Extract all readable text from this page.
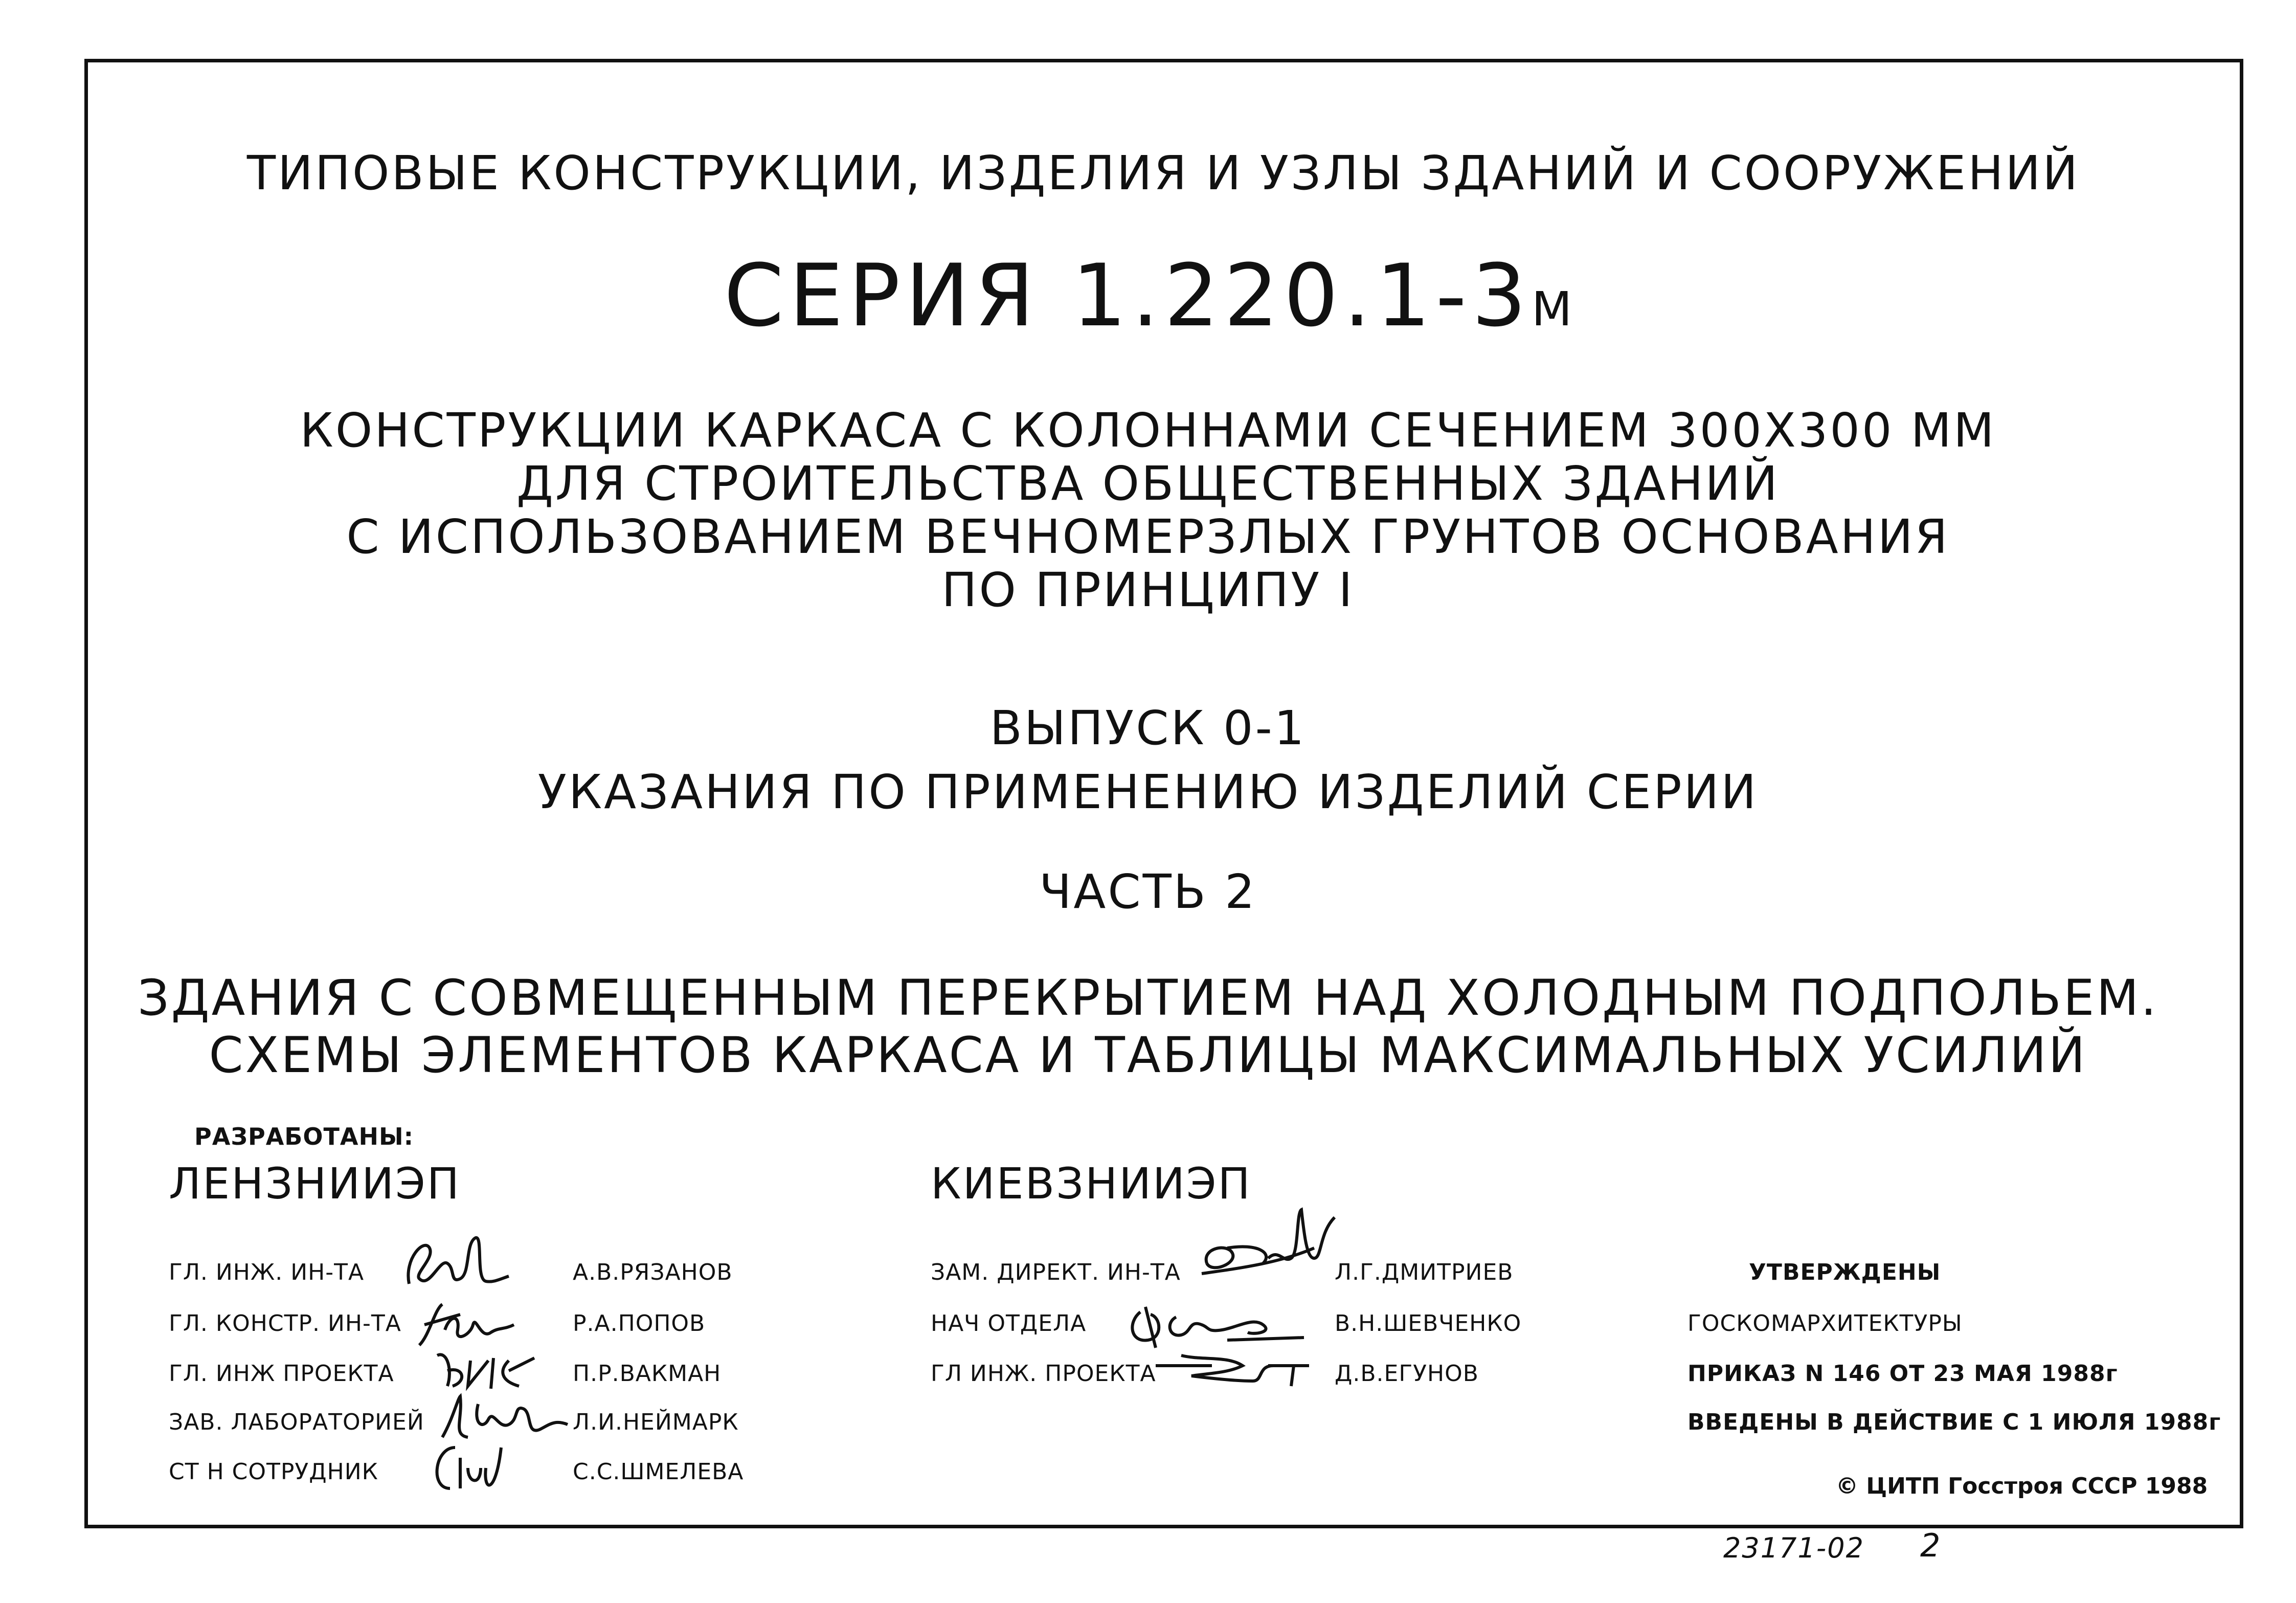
ТИПОВЫЕ КОНСТРУКЦИИ, ИЗДЕЛИЯ И УЗЛЫ ЗДАНИЙ И СООРУЖЕНИЙ
СЕРИЯ 1.220.1-3М
КОНСТРУКЦИИ КАРКАСА С КОЛОННАМИ СЕЧЕНИЕМ 300Х300 ММ
ДЛЯ СТРОИТЕЛЬСТВА ОБЩЕСТВЕННЫХ ЗДАНИЙ
С ИСПОЛЬЗОВАНИЕМ ВЕЧНОМЕРЗЛЫХ ГРУНТОВ ОСНОВАНИЯ
ПО ПРИНЦИПУ I
ВЫПУСК 0-1
УКАЗАНИЯ ПО ПРИМЕНЕНИЮ ИЗДЕЛИЙ СЕРИИ
ЧАСТЬ 2
ЗДАНИЯ С СОВМЕЩЕННЫМ ПЕРЕКРЫТИЕМ НАД ХОЛОДНЫМ ПОДПОЛЬЕМ.
СХЕМЫ ЭЛЕМЕНТОВ КАРКАСА И ТАБЛИЦЫ МАКСИМАЛЬНЫХ УСИЛИЙ
РАЗРАБОТАНЫ:
ЛЕНЗНИИЭП	КИЕВЗНИИЭП
ГЛ. ИНЖ. ИН-ТА	А.В.РЯЗАНОВ
ГЛ. КОНСТР. ИН-ТА	Р.А.ПОПОВ
ГЛ. ИНЖ ПРОЕКТА	П.Р.ВАКМАН
ЗАВ. ЛАБОРАТОРИЕЙ	Л.И.НЕЙМАРК
СТ Н СОТРУДНИК	С.С.ШМЕЛЕВА
ЗАМ. ДИРЕКТ. ИН-ТА	Л.Г.ДМИТРИЕВ
НАЧ ОТДЕЛА	В.Н.ШЕВЧЕНКО
ГЛ ИНЖ. ПРОЕКТА	Д.В.ЕГУНОВ
УТВЕРЖДЕНЫ
ГОСКОМАРХИТЕКТУРЫ
ПРИКАЗ N 146 ОТ 23 МАЯ 1988г
ВВЕДЕНЫ В ДЕЙСТВИЕ С 1 ИЮЛЯ 1988г
© ЦИТП Госстроя СССР 1988
23171-02 2
